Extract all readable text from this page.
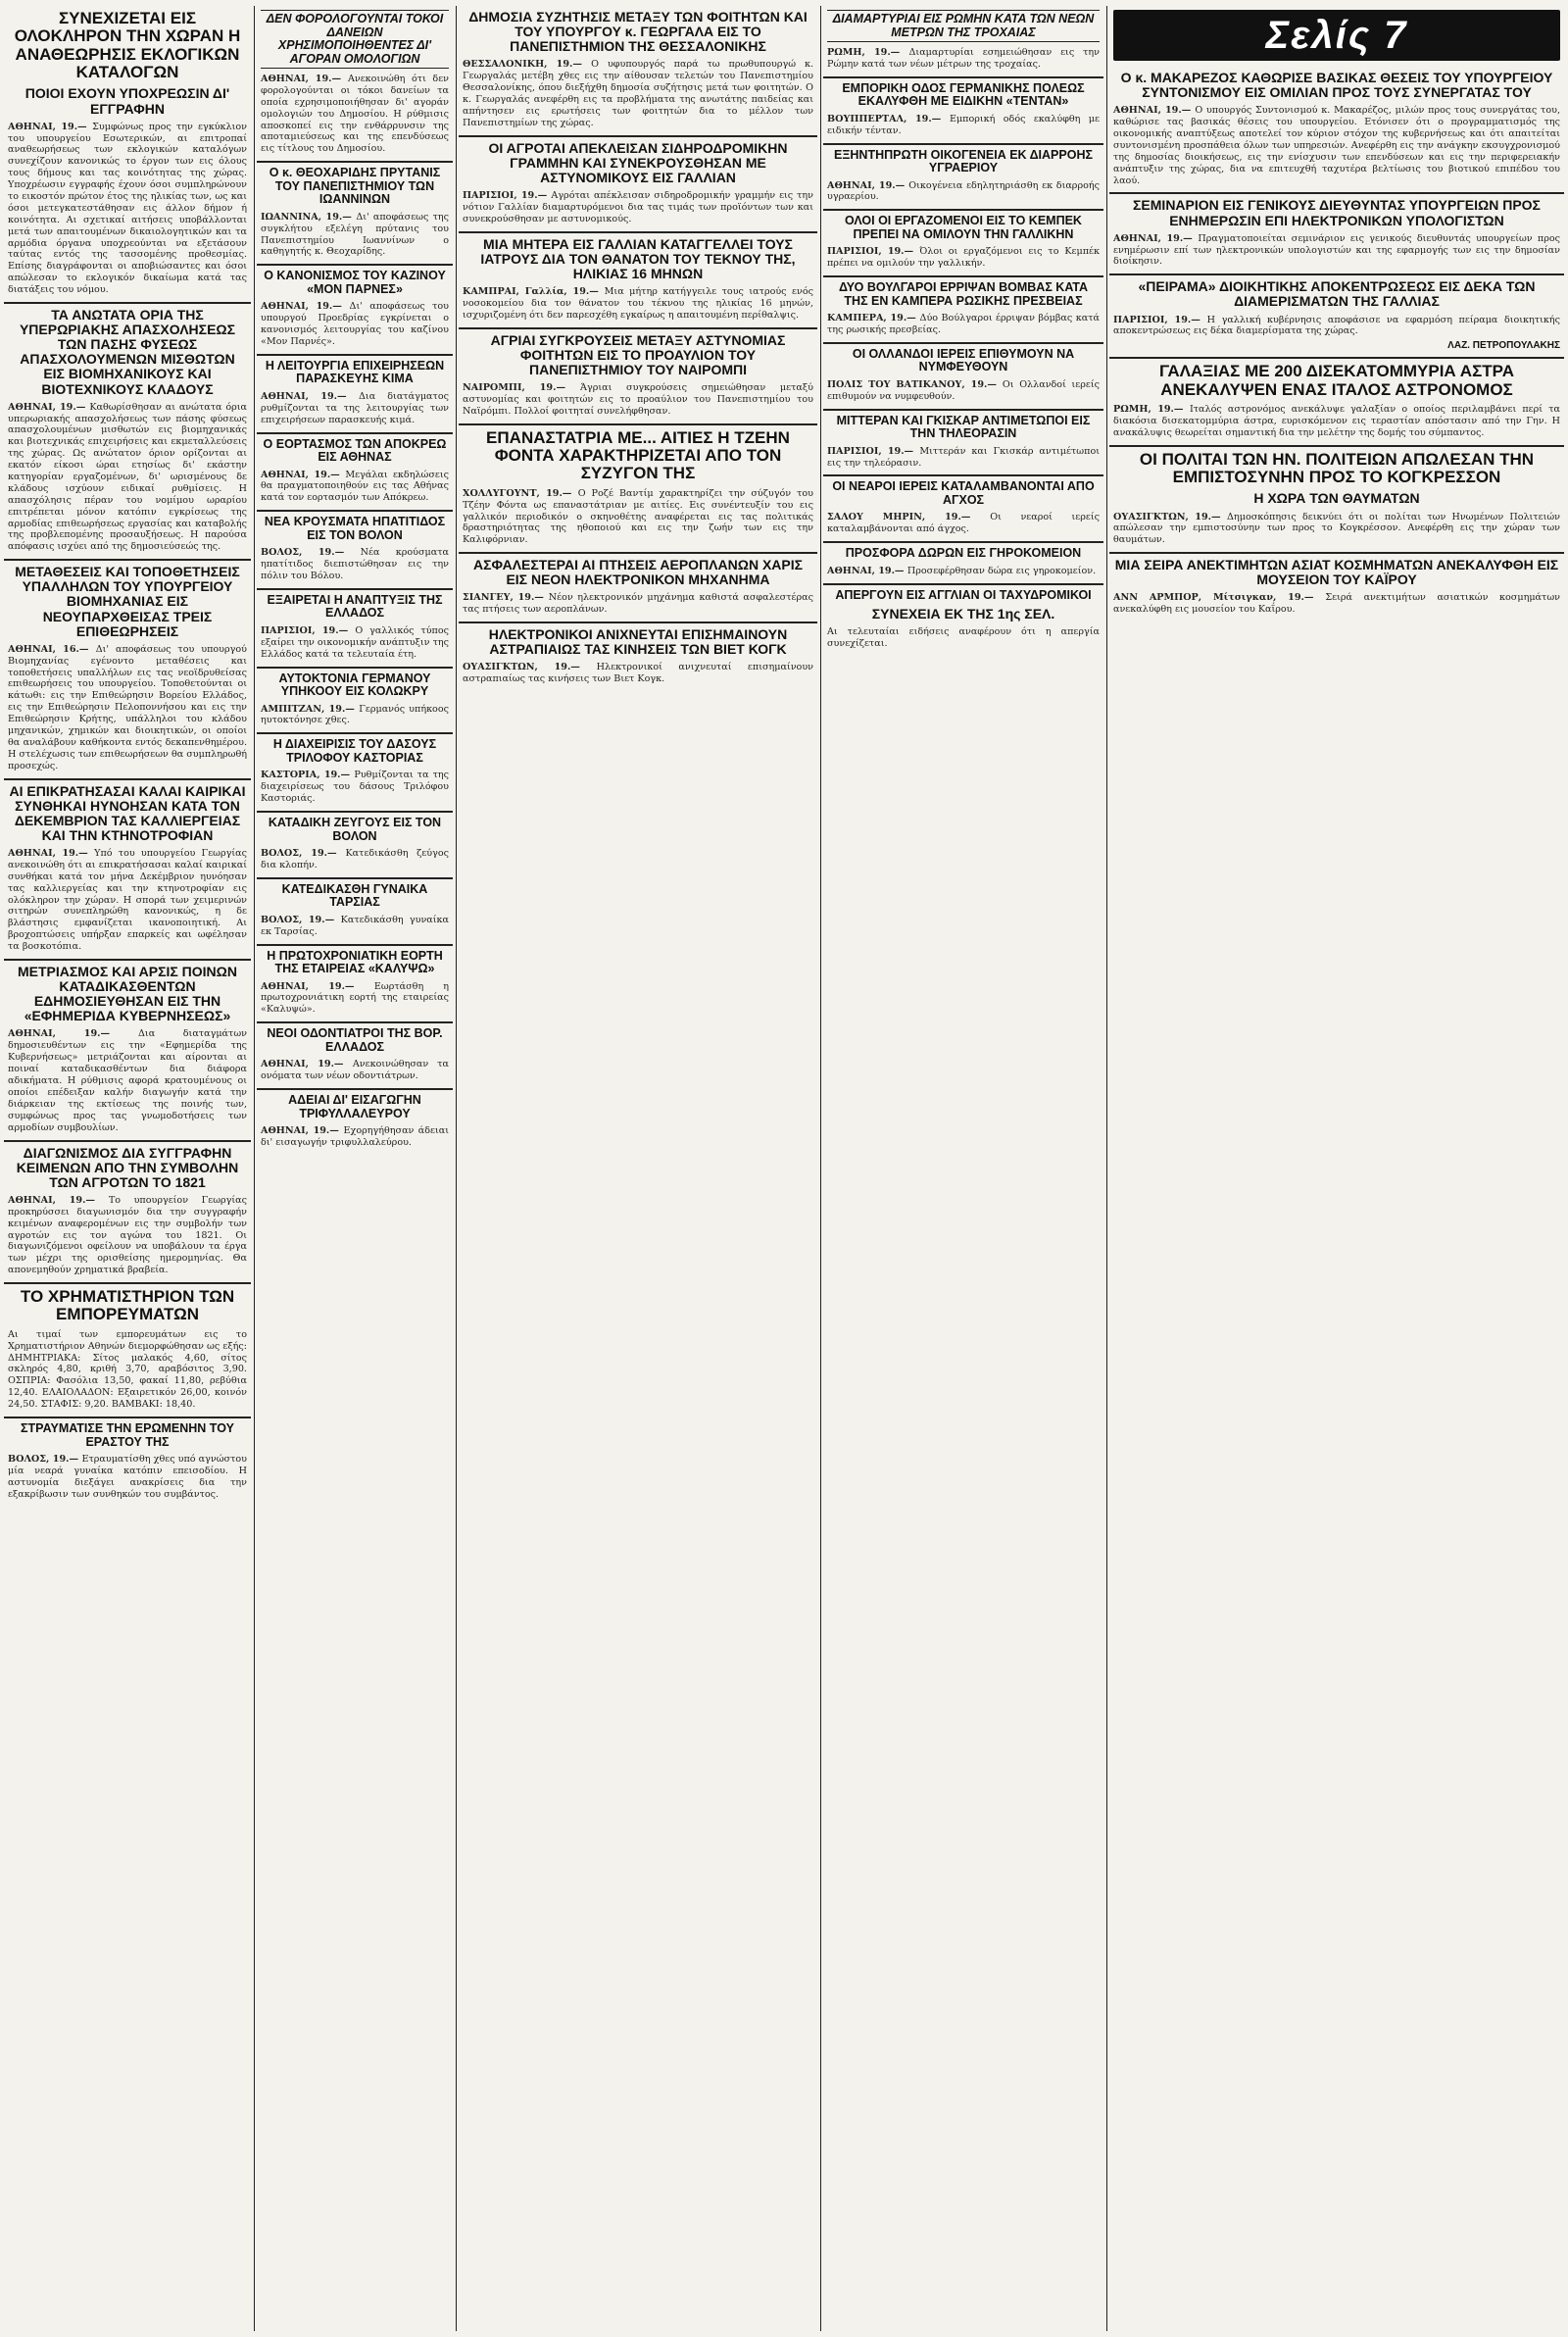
ΣΥΝΕΧΙΖΕΤΑΙ ΕΙΣ ΟΛΟΚΛΗΡΟΝ ΤΗΝ ΧΩΡΑΝ Η ΑΝΑΘΕΩΡΗΣΙΣ ΕΚΛΟΓΙΚΩΝ ΚΑΤΑΛΟΓΩΝ
ΠΟΙΟΙ ΕΧΟΥΝ ΥΠΟΧΡΕΩΣΙΝ ΔΙ' ΕΓΓΡΑΦΗΝ

ΑΘΗΝΑΙ, 19.— Συμφώνως προς την εγκύκλιον του υπουργείου Εσωτερικών, αι επιτροπαί αναθεωρήσεως των εκλογικών καταλόγων συνεχίζουν κανονικώς το έργον των εις όλους τους δήμους και τας κοινότητας της χώρας. Υποχρέωσιν εγγραφής έχουν όσοι συμπληρώνουν το εικοστόν πρώτον έτος της ηλικίας των, ως και όσοι μετεγκατεστάθησαν εις άλλον δήμον ή κοινότητα. Αι σχετικαί αιτήσεις υποβάλλονται μετά των απαιτουμένων δικαιολογητικών και τα αρμόδια όργανα υποχρεούνται να εξετάσουν ταύτας εντός της τασσομένης προθεσμίας. Επίσης διαγράφονται οι αποβιώσαντες και όσοι απώλεσαν το εκλογικόν δικαίωμα κατά τας διατάξεις του νόμου.

ΤΑ ΑΝΩΤΑΤΑ ΟΡΙΑ ΤΗΣ ΥΠΕΡΩΡΙΑΚΗΣ ΑΠΑΣΧΟΛΗΣΕΩΣ ΤΩΝ ΠΑΣΗΣ ΦΥΣΕΩΣ ΑΠΑΣΧΟΛΟΥΜΕΝΩΝ ΜΙΣΘΩΤΩΝ ΕΙΣ ΒΙΟΜΗΧΑΝΙΚΟΥΣ ΚΑΙ ΒΙΟΤΕΧΝΙΚΟΥΣ ΚΛΑΔΟΥΣ

ΑΘΗΝΑΙ, 19.— Καθωρίσθησαν αι ανώτατα όρια υπερωριακής απασχολήσεως των πάσης φύσεως απασχολουμένων μισθωτών εις βιομηχανικάς και βιοτεχνικάς επιχειρήσεις και εκμεταλλεύσεις της χώρας. Ως ανώτατον όριον ορίζονται αι εκατόν είκοσι ώραι ετησίως δι' εκάστην κατηγορίαν εργαζομένων, δι' ωρισμένους δε κλάδους ισχύουν ειδικαί ρυθμίσεις. Η απασχόλησις πέραν του νομίμου ωραρίου επιτρέπεται μόνον κατόπιν εγκρίσεως της αρμοδίας επιθεωρήσεως εργασίας και καταβολής της προβλεπομένης προσαυξήσεως. Η παρούσα απόφασις ισχύει από της δημοσιεύσεώς της.

ΜΕΤΑΘΕΣΕΙΣ ΚΑΙ ΤΟΠΟΘΕΤΗΣΕΙΣ ΥΠΑΛΛΗΛΩΝ ΤΟΥ ΥΠΟΥΡΓΕΙΟΥ ΒΙΟΜΗΧΑΝΙΑΣ ΕΙΣ ΝΕΟΥΠΑΡΧΘΕΙΣΑΣ ΤΡΕΙΣ ΕΠΙΘΕΩΡΗΣΕΙΣ

ΑΘΗΝΑΙ, 16.— Δι' αποφάσεως του υπουργού Βιομηχανίας εγένοντο μεταθέσεις και τοποθετήσεις υπαλλήλων εις τας νεοϊδρυθείσας επιθεωρήσεις του υπουργείου. Τοποθετούνται οι κάτωθι: εις την Επιθεώρησιν Βορείου Ελλάδος, εις την Επιθεώρησιν Πελοποννήσου και εις την Επιθεώρησιν Κρήτης, υπάλληλοι του κλάδου μηχανικών, χημικών και διοικητικών, οι οποίοι θα αναλάβουν καθήκοντα εντός δεκαπενθημέρου. Η στελέχωσις των επιθεωρήσεων θα συμπληρωθή προσεχώς.

ΑΙ ΕΠΙΚΡΑΤΗΣΑΣΑΙ ΚΑΛΑΙ ΚΑΙΡΙΚΑΙ ΣΥΝΘΗΚΑΙ ΗΥΝΟΗΣΑΝ ΚΑΤΑ ΤΟΝ ΔΕΚΕΜΒΡΙΟΝ ΤΑΣ ΚΑΛΛΙΕΡΓΕΙΑΣ ΚΑΙ ΤΗΝ ΚΤΗΝΟΤΡΟΦΙΑΝ

ΑΘΗΝΑΙ, 19.— Υπό του υπουργείου Γεωργίας ανεκοινώθη ότι αι επικρατήσασαι καλαί καιρικαί συνθήκαι κατά τον μήνα Δεκέμβριον ηυνόησαν τας καλλιεργείας και την κτηνοτροφίαν εις ολόκληρον την χώραν. Η σπορά των χειμερινών σιτηρών συνεπληρώθη κανονικώς, η δε βλάστησις εμφανίζεται ικανοποιητική. Αι βροχοπτώσεις υπήρξαν επαρκείς και ωφέλησαν τα βοσκοτόπια.

ΜΕΤΡΙΑΣΜΟΣ ΚΑΙ ΑΡΣΙΣ ΠΟΙΝΩΝ ΚΑΤΑΔΙΚΑΣΘΕΝΤΩΝ ΕΔΗΜΟΣΙΕΥΘΗΣΑΝ ΕΙΣ ΤΗΝ «ΕΦΗΜΕΡΙΔΑ ΚΥΒΕΡΝΗΣΕΩΣ»

ΑΘΗΝΑΙ, 19.— Δια διαταγμάτων δημοσιευθέντων εις την «Εφημερίδα της Κυβερνήσεως» μετριάζονται και αίρονται αι ποιναί καταδικασθέντων δια διάφορα αδικήματα. Η ρύθμισις αφορά κρατουμένους οι οποίοι επέδειξαν καλήν διαγωγήν κατά την διάρκειαν της εκτίσεως της ποινής των, συμφώνως προς τας γνωμοδοτήσεις των αρμοδίων συμβουλίων.

ΔΙΑΓΩΝΙΣΜΟΣ ΔΙΑ ΣΥΓΓΡΑΦΗΝ ΚΕΙΜΕΝΩΝ ΑΠΟ ΤΗΝ ΣΥΜΒΟΛΗΝ ΤΩΝ ΑΓΡΟΤΩΝ ΤΟ 1821

ΑΘΗΝΑΙ, 19.— Το υπουργείον Γεωργίας προκηρύσσει διαγωνισμόν δια την συγγραφήν κειμένων αναφερομένων εις την συμβολήν των αγροτών εις τον αγώνα του 1821. Οι διαγωνιζόμενοι οφείλουν να υποβάλουν τα έργα των μέχρι της ορισθείσης ημερομηνίας. Θα απονεμηθούν χρηματικά βραβεία.

ΤΟ ΧΡΗΜΑΤΙΣΤΗΡΙΟΝ ΤΩΝ ΕΜΠΟΡΕΥΜΑΤΩΝ

Αι τιμαί των εμπορευμάτων εις το Χρηματιστήριον Αθηνών διεμορφώθησαν ως εξής: ΔΗΜΗΤΡΙΑΚΑ: Σίτος μαλακός 4,60, σίτος σκληρός 4,80, κριθή 3,70, αραβόσιτος 3,90. ΟΣΠΡΙΑ: Φασόλια 13,50, φακαί 11,80, ρεβύθια 12,40. ΕΛΑΙΟΛΑΔΟΝ: Εξαιρετικόν 26,00, κοινόν 24,50. ΣΤΑΦΙΣ: 9,20. ΒΑΜΒΑΚΙ: 18,40.

ΣΤΡΑΥΜΑΤΙΣΕ ΤΗΝ ΕΡΩΜΕΝΗΝ ΤΟΥ ΕΡΑΣΤΟΥ ΤΗΣ

ΒΟΛΟΣ, 19.— Ετραυματίσθη χθες υπό αγνώστου μία νεαρά γυναίκα κατόπιν επεισοδίου. Η αστυνομία διεξάγει ανακρίσεις δια την εξακρίβωσιν των συνθηκών του συμβάντος.

ΔΕΝ ΦΟΡΟΛΟΓΟΥΝΤΑΙ ΤΟΚΟΙ ΔΑΝΕΙΩΝ ΧΡΗΣΙΜΟΠΟΙΗΘΕΝΤΕΣ ΔΙ' ΑΓΟΡΑΝ ΟΜΟΛΟΓΙΩΝ

ΑΘΗΝΑΙ, 19.— Ανεκοινώθη ότι δεν φορολογούνται οι τόκοι δανείων τα οποία εχρησιμοποιήθησαν δι' αγοράν ομολογιών του Δημοσίου. Η ρύθμισις αποσκοπεί εις την ενθάρρυνσιν της αποταμιεύσεως και της επενδύσεως εις τίτλους του Δημοσίου.

Ο κ. ΘΕΟΧΑΡΙΔΗΣ ΠΡΥΤΑΝΙΣ ΤΟΥ ΠΑΝΕΠΙΣΤΗΜΙΟΥ ΤΩΝ ΙΩΑΝΝΙΝΩΝ

ΙΩΑΝΝΙΝΑ, 19.— Δι' αποφάσεως της συγκλήτου εξελέγη πρύτανις του Πανεπιστημίου Ιωαννίνων ο καθηγητής κ. Θεοχαρίδης.

Ο ΚΑΝΟΝΙΣΜΟΣ ΤΟΥ ΚΑΖΙΝΟΥ «ΜΟΝ ΠΑΡΝΕΣ»

ΑΘΗΝΑΙ, 19.— Δι' αποφάσεως του υπουργού Προεδρίας εγκρίνεται ο κανονισμός λειτουργίας του καζίνου «Μον Παρνές».

Η ΛΕΙΤΟΥΡΓΙΑ ΕΠΙΧΕΙΡΗΣΕΩΝ ΠΑΡΑΣΚΕΥΗΣ ΚΙΜΑ

ΑΘΗΝΑΙ, 19.— Δια διατάγματος ρυθμίζονται τα της λειτουργίας των επιχειρήσεων παρασκευής κιμά.

Ο ΕΟΡΤΑΣΜΟΣ ΤΩΝ ΑΠΟΚΡΕΩ ΕΙΣ ΑΘΗΝΑΣ

ΑΘΗΝΑΙ, 19.— Μεγάλαι εκδηλώσεις θα πραγματοποιηθούν εις τας Αθήνας κατά τον εορτασμόν των Απόκρεω.

ΝΕΑ ΚΡΟΥΣΜΑΤΑ ΗΠΑΤΙΤΙΔΟΣ ΕΙΣ ΤΟΝ ΒΟΛΟΝ

ΒΟΛΟΣ, 19.— Νέα κρούσματα ηπατίτιδος διεπιστώθησαν εις την πόλιν του Βόλου.

ΕΞΑΙΡΕΤΑΙ Η ΑΝΑΠΤΥΞΙΣ ΤΗΣ ΕΛΛΑΔΟΣ

ΠΑΡΙΣΙΟΙ, 19.— Ο γαλλικός τύπος εξαίρει την οικονομικήν ανάπτυξιν της Ελλάδος κατά τα τελευταία έτη.

ΑΥΤΟΚΤΟΝΙΑ ΓΕΡΜΑΝΟΥ ΥΠΗΚΟΟΥ ΕΙΣ ΚΟΛΩΚΡΥ

ΑΜΠΙΤΖΑΝ, 19.— Γερμανός υπήκοος ηυτοκτόνησε χθες.

Η ΔΙΑΧΕΙΡΙΣΙΣ ΤΟΥ ΔΑΣΟΥΣ ΤΡΙΛΟΦΟΥ ΚΑΣΤΟΡΙΑΣ

ΚΑΣΤΟΡΙΑ, 19.— Ρυθμίζονται τα της διαχειρίσεως του δάσους Τριλόφου Καστοριάς.

ΚΑΤΑΔΙΚΗ ΖΕΥΓΟΥΣ ΕΙΣ ΤΟΝ ΒΟΛΟΝ

ΒΟΛΟΣ, 19.— Κατεδικάσθη ζεύγος δια κλοπήν.

ΚΑΤΕΔΙΚΑΣΘΗ ΓΥΝΑΙΚΑ ΤΑΡΣΙΑΣ

ΒΟΛΟΣ, 19.— Κατεδικάσθη γυναίκα εκ Ταρσίας.

Η ΠΡΩΤΟΧΡΟΝΙΑΤΙΚΗ ΕΟΡΤΗ ΤΗΣ ΕΤΑΙΡΕΙΑΣ «ΚΑΛΥΨΩ»

ΑΘΗΝΑΙ, 19.— Εωρτάσθη η πρωτοχρονιάτικη εορτή της εταιρείας «Καλυψώ».

ΝΕΟΙ ΟΔΟΝΤΙΑΤΡΟΙ ΤΗΣ ΒΟΡ. ΕΛΛΑΔΟΣ

ΑΘΗΝΑΙ, 19.— Ανεκοινώθησαν τα ονόματα των νέων οδοντιάτρων.

ΑΔΕΙΑΙ ΔΙ' ΕΙΣΑΓΩΓΗΝ ΤΡΙΦΥΛΛΑΛΕΥΡΟΥ

ΑΘΗΝΑΙ, 19.— Εχορηγήθησαν άδειαι δι' εισαγωγήν τριφυλλαλεύρου.

ΔΗΜΟΣΙΑ ΣΥΖΗΤΗΣΙΣ ΜΕΤΑΞΥ ΤΩΝ ΦΟΙΤΗΤΩΝ ΚΑΙ ΤΟΥ ΥΠΟΥΡΓΟΥ κ. ΓΕΩΡΓΑΛΑ ΕΙΣ ΤΟ ΠΑΝΕΠΙΣΤΗΜΙΟΝ ΤΗΣ ΘΕΣΣΑΛΟΝΙΚΗΣ

ΘΕΣΣΑΛΟΝΙΚΗ, 19.— Ο υφυπουργός παρά τω πρωθυπουργώ κ. Γεωργαλάς μετέβη χθες εις την αίθουσαν τελετών του Πανεπιστημίου Θεσσαλονίκης, όπου διεξήχθη δημοσία συζήτησις μετά των φοιτητών. Ο κ. Γεωργαλάς ανεφέρθη εις τα προβλήματα της ανωτάτης παιδείας και απήντησεν εις ερωτήσεις των φοιτητών δια το μέλλον των Πανεπιστημίων της χώρας.

ΟΙ ΑΓΡΟΤΑΙ ΑΠΕΚΛΕΙΣΑΝ ΣΙΔΗΡΟΔΡΟΜΙΚΗΝ ΓΡΑΜΜΗΝ ΚΑΙ ΣΥΝΕΚΡΟΥΣΘΗΣΑΝ ΜΕ ΑΣΤΥΝΟΜΙΚΟΥΣ ΕΙΣ ΓΑΛΛΙΑΝ

ΠΑΡΙΣΙΟΙ, 19.— Αγρόται απέκλεισαν σιδηροδρομικήν γραμμήν εις την νότιον Γαλλίαν διαμαρτυρόμενοι δια τας τιμάς των προϊόντων των και συνεκρούσθησαν με αστυνομικούς.

ΜΙΑ ΜΗΤΕΡΑ ΕΙΣ ΓΑΛΛΙΑΝ ΚΑΤΑΓΓΕΛΛΕΙ ΤΟΥΣ ΙΑΤΡΟΥΣ ΔΙΑ ΤΟΝ ΘΑΝΑΤΟΝ ΤΟΥ ΤΕΚΝΟΥ ΤΗΣ, ΗΛΙΚΙΑΣ 16 ΜΗΝΩΝ

ΚΑΜΠΡΑΙ, Γαλλία, 19.— Μια μήτηρ κατήγγειλε τους ιατρούς ενός νοσοκομείου δια τον θάνατον του τέκνου της ηλικίας 16 μηνών, ισχυριζομένη ότι δεν παρεσχέθη εγκαίρως η απαιτουμένη περίθαλψις.

ΑΓΡΙΑΙ ΣΥΓΚΡΟΥΣΕΙΣ ΜΕΤΑΞΥ ΑΣΤΥΝΟΜΙΑΣ ΦΟΙΤΗΤΩΝ ΕΙΣ ΤΟ ΠΡΟΑΥΛΙΟΝ ΤΟΥ ΠΑΝΕΠΙΣΤΗΜΙΟΥ ΤΟΥ ΝΑΙΡΟΜΠΙ

ΝΑΙΡΟΜΠΙ, 19.— Άγριαι συγκρούσεις σημειώθησαν μεταξύ αστυνομίας και φοιτητών εις το προαύλιον του Πανεπιστημίου του Ναϊρόμπι. Πολλοί φοιτηταί συνελήφθησαν.

ΕΠΑΝΑΣΤΑΤΡΙΑ ΜΕ... ΑΙΤΙΕΣ Η ΤΖΕΗΝ ΦΟΝΤΑ ΧΑΡΑΚΤΗΡΙΖΕΤΑΙ ΑΠΟ ΤΟΝ ΣΥΖΥΓΟΝ ΤΗΣ

ΧΟΛΛΥΓΟΥΝΤ, 19.— Ο Ροζέ Βαντίμ χαρακτηρίζει την σύζυγόν του Τζέην Φόντα ως επαναστάτριαν με αιτίες. Εις συνέντευξίν του εις γαλλικόν περιοδικόν ο σκηνοθέτης αναφέρεται εις τας πολιτικάς δραστηριότητας της ηθοποιού και εις την ζωήν των εις την Καλιφόρνιαν.

ΑΣΦΑΛΕΣΤΕΡΑΙ ΑΙ ΠΤΗΣΕΙΣ ΑΕΡΟΠΛΑΝΩΝ ΧΑΡΙΣ ΕΙΣ ΝΕΟΝ ΗΛΕΚΤΡΟΝΙΚΟΝ ΜΗΧΑΝΗΜΑ

ΣΙΑΝΓΕΥ, 19.— Νέον ηλεκτρονικόν μηχάνημα καθιστά ασφαλεστέρας τας πτήσεις των αεροπλάνων.

ΗΛΕΚΤΡΟΝΙΚΟΙ ΑΝΙΧΝΕΥΤΑΙ ΕΠΙΣΗΜΑΙΝΟΥΝ ΑΣΤΡΑΠΙΑΙΩΣ ΤΑΣ ΚΙΝΗΣΕΙΣ ΤΩΝ ΒΙΕΤ ΚΟΓΚ

ΟΥΑΣΙΓΚΤΩΝ, 19.— Ηλεκτρονικοί ανιχνευταί επισημαίνουν αστραπιαίως τας κινήσεις των Βιετ Κογκ.

ΔΙΑΜΑΡΤΥΡΙΑΙ ΕΙΣ ΡΩΜΗΝ ΚΑΤΑ ΤΩΝ ΝΕΩΝ ΜΕΤΡΩΝ ΤΗΣ ΤΡΟΧΑΙΑΣ

ΡΩΜΗ, 19.— Διαμαρτυρίαι εσημειώθησαν εις την Ρώμην κατά των νέων μέτρων της τροχαίας.

ΕΜΠΟΡΙΚΗ ΟΔΟΣ ΓΕΡΜΑΝΙΚΗΣ ΠΟΛΕΩΣ ΕΚΑΛΥΦΘΗ ΜΕ ΕΙΔΙΚΗΝ «ΤΕΝΤΑΝ»

ΒΟΥΠΠΕΡΤΑΛ, 19.— Εμπορική οδός εκαλύφθη με ειδικήν τένταν.

ΕΞΗΝΤΗΠΡΩΤΗ ΟΙΚΟΓΕΝΕΙΑ ΕΚ ΔΙΑΡΡΟΗΣ ΥΓΡΑΕΡΙΟΥ

ΑΘΗΝΑΙ, 19.— Οικογένεια εδηλητηριάσθη εκ διαρροής υγραερίου.

ΟΛΟΙ ΟΙ ΕΡΓΑΖΟΜΕΝΟΙ ΕΙΣ ΤΟ ΚΕΜΠΕΚ ΠΡΕΠΕΙ ΝΑ ΟΜΙΛΟΥΝ ΤΗΝ ΓΑΛΛΙΚΗΝ

ΠΑΡΙΣΙΟΙ, 19.— Όλοι οι εργαζόμενοι εις το Κεμπέκ πρέπει να ομιλούν την γαλλικήν.

ΔΥΟ ΒΟΥΛΓΑΡΟΙ ΕΡΡΙΨΑΝ ΒΟΜΒΑΣ ΚΑΤΑ ΤΗΣ ΕΝ ΚΑΜΠΕΡΑ ΡΩΣΙΚΗΣ ΠΡΕΣΒΕΙΑΣ

ΚΑΜΠΕΡΑ, 19.— Δύο Βούλγαροι έρριψαν βόμβας κατά της ρωσικής πρεσβείας.

ΟΙ ΟΛΛΑΝΔΟΙ ΙΕΡΕΙΣ ΕΠΙΘΥΜΟΥΝ ΝΑ ΝΥΜΦΕΥΘΟΥΝ

ΠΟΛΙΣ ΤΟΥ ΒΑΤΙΚΑΝΟΥ, 19.— Οι Ολλανδοί ιερείς επιθυμούν να νυμφευθούν.

ΜΙΤΤΕΡΑΝ ΚΑΙ ΓΚΙΣΚΑΡ ΑΝΤΙΜΕΤΩΠΟΙ ΕΙΣ ΤΗΝ ΤΗΛΕΟΡΑΣΙΝ

ΠΑΡΙΣΙΟΙ, 19.— Μιττεράν και Γκισκάρ αντιμέτωποι εις την τηλεόρασιν.

ΟΙ ΝΕΑΡΟΙ ΙΕΡΕΙΣ ΚΑΤΑΛΑΜΒΑΝΟΝΤΑΙ ΑΠΟ ΑΓΧΟΣ

ΣΑΛΟΥ ΜΗΡΙΝ, 19.— Οι νεαροί ιερείς καταλαμβάνονται από άγχος.

ΠΡΟΣΦΟΡΑ ΔΩΡΩΝ ΕΙΣ ΓΗΡΟΚΟΜΕΙΟΝ

ΑΘΗΝΑΙ, 19.— Προσεφέρθησαν δώρα εις γηροκομείον.

ΑΠΕΡΓΟΥΝ ΕΙΣ ΑΓΓΛΙΑΝ ΟΙ ΤΑΧΥΔΡΟΜΙΚΟΙ
ΣΥΝΕΧΕΙΑ ΕΚ ΤΗΣ 1ης ΣΕΛ.

Αι τελευταίαι ειδήσεις αναφέρουν ότι η απεργία συνεχίζεται.

Σελίς 7
Ο κ. ΜΑΚΑΡΕΖΟΣ ΚΑΘΩΡΙΣΕ ΒΑΣΙΚΑΣ ΘΕΣΕΙΣ ΤΟΥ ΥΠΟΥΡΓΕΙΟΥ ΣΥΝΤΟΝΙΣΜΟΥ ΕΙΣ ΟΜΙΛΙΑΝ ΠΡΟΣ ΤΟΥΣ ΣΥΝΕΡΓΑΤΑΣ ΤΟΥ

ΑΘΗΝΑΙ, 19.— Ο υπουργός Συντονισμού κ. Μακαρέζος, μιλών προς τους συνεργάτας του, καθώρισε τας βασικάς θέσεις του υπουργείου. Ετόνισεν ότι ο προγραμματισμός της οικονομικής αναπτύξεως αποτελεί τον κύριον στόχον της κυβερνήσεως και ότι απαιτείται συντονισμένη προσπάθεια όλων των υπηρεσιών. Ανεφέρθη εις την ανάγκην εκσυγχρονισμού της δημοσίας διοικήσεως, εις την ενίσχυσιν των επενδύσεων και εις την περιφερειακήν ανάπτυξιν της χώρας, δια να επιτευχθή ταχυτέρα βελτίωσις του βιοτικού επιπέδου του λαού.

ΣΕΜΙΝΑΡΙΟΝ ΕΙΣ ΓΕΝΙΚΟΥΣ ΔΙΕΥΘΥΝΤΑΣ ΥΠΟΥΡΓΕΙΩΝ ΠΡΟΣ ΕΝΗΜΕΡΩΣΙΝ ΕΠΙ ΗΛΕΚΤΡΟΝΙΚΩΝ ΥΠΟΛΟΓΙΣΤΩΝ

ΑΘΗΝΑΙ, 19.— Πραγματοποιείται σεμινάριον εις γενικούς διευθυντάς υπουργείων προς ενημέρωσιν επί των ηλεκτρονικών υπολογιστών και της εφαρμογής των εις την δημοσίαν διοίκησιν.

«ΠΕΙΡΑΜΑ» ΔΙΟΙΚΗΤΙΚΗΣ ΑΠΟΚΕΝΤΡΩΣΕΩΣ ΕΙΣ ΔΕΚΑ ΤΩΝ ΔΙΑΜΕΡΙΣΜΑΤΩΝ ΤΗΣ ΓΑΛΛΙΑΣ

ΠΑΡΙΣΙΟΙ, 19.— Η γαλλική κυβέρνησις αποφάσισε να εφαρμόση πείραμα διοικητικής αποκεντρώσεως εις δέκα διαμερίσματα της χώρας.

ΛΑΖ. ΠΕΤΡΟΠΟΥΛΑΚΗΣ
ΓΑΛΑΞΙΑΣ ΜΕ 200 ΔΙΣΕΚΑΤΟΜΜΥΡΙΑ ΑΣΤΡΑ ΑΝΕΚΑΛΥΨΕΝ ΕΝΑΣ ΙΤΑΛΟΣ ΑΣΤΡΟΝΟΜΟΣ

ΡΩΜΗ, 19.— Ιταλός αστρονόμος ανεκάλυψε γαλαξίαν ο οποίος περιλαμβάνει περί τα διακόσια δισεκατομμύρια άστρα, ευρισκόμενον εις τεραστίαν απόστασιν από την Γην. Η ανακάλυψις θεωρείται σημαντική δια την μελέτην της δομής του σύμπαντος.

ΟΙ ΠΟΛΙΤΑΙ ΤΩΝ ΗΝ. ΠΟΛΙΤΕΙΩΝ ΑΠΩΛΕΣΑΝ ΤΗΝ ΕΜΠΙΣΤΟΣΥΝΗΝ ΠΡΟΣ ΤΟ ΚΟΓΚΡΕΣΣΟΝ
Η ΧΩΡΑ ΤΩΝ ΘΑΥΜΑΤΩΝ

ΟΥΑΣΙΓΚΤΩΝ, 19.— Δημοσκόπησις δεικνύει ότι οι πολίται των Ηνωμένων Πολιτειών απώλεσαν την εμπιστοσύνην των προς το Κογκρέσσον. Ανεφέρθη εις την χώραν των θαυμάτων.

ΜΙΑ ΣΕΙΡΑ ΑΝΕΚΤΙΜΗΤΩΝ ΑΣΙΑΤ ΚΟΣΜΗΜΑΤΩΝ ΑΝΕΚΑΛΥΦΘΗ ΕΙΣ ΜΟΥΣΕΙΟΝ ΤΟΥ ΚΑΪΡΟΥ

ΑΝΝ ΑΡΜΠΟΡ, Μίτσιγκαν, 19.— Σειρά ανεκτιμήτων ασιατικών κοσμημάτων ανεκαλύφθη εις μουσείον του Καΐρου.
